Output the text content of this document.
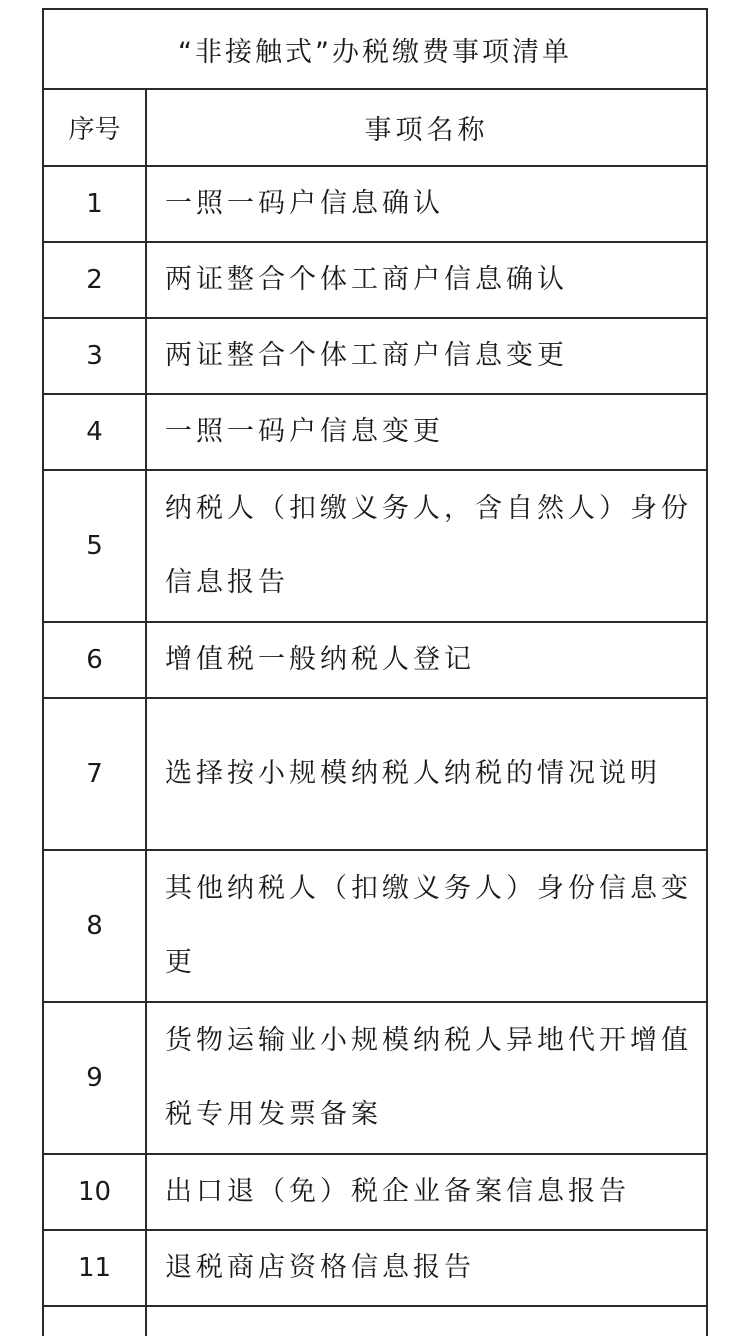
“非接触式”办税缴费事项清单
序号	事项名称
1	一照一码户信息确认
2	两证整合个体工商户信息确认
3	两证整合个体工商户信息变更
4	一照一码户信息变更
5	纳税人（扣缴义务人，含自然人）身份信息报告
6	增值税一般纳税人登记
7	选择按小规模纳税人纳税的情况说明
8	其他纳税人（扣缴义务人）身份信息变更
9	货物运输业小规模纳税人异地代开增值税专用发票备案
10	出口退（免）税企业备案信息报告
11	退税商店资格信息报告
